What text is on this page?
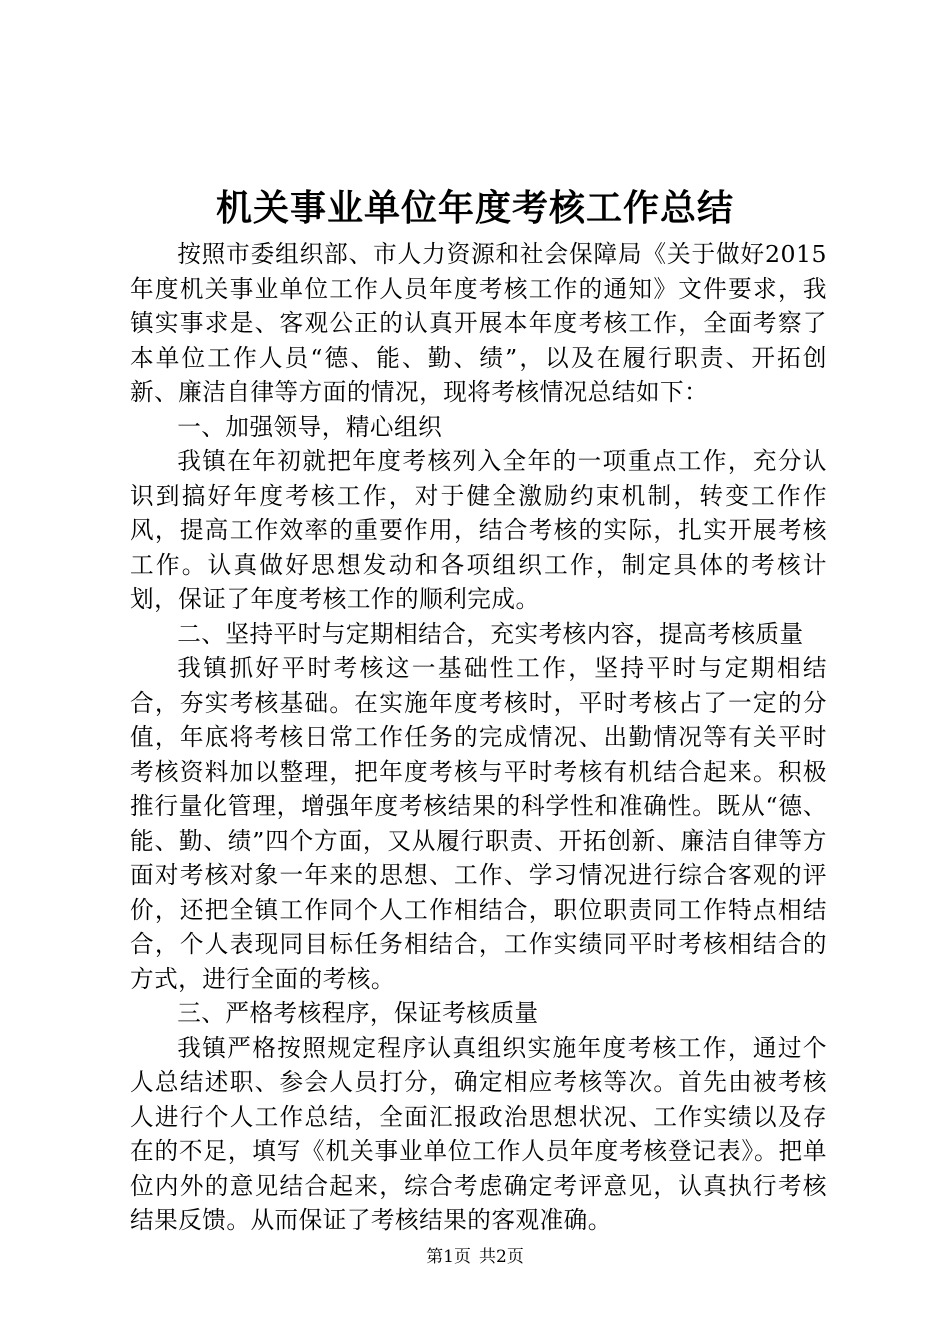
机关事业单位年度考核工作总结

按照市委组织部、市人力资源和社会保障局《关于做好2015年度机关事业单位工作人员年度考核工作的通知》文件要求，我镇实事求是、客观公正的认真开展本年度考核工作，全面考察了本单位工作人员“德、能、勤、绩”，以及在履行职责、开拓创新、廉洁自律等方面的情况，现将考核情况总结如下：

一、加强领导，精心组织

我镇在年初就把年度考核列入全年的一项重点工作，充分认识到搞好年度考核工作，对于健全激励约束机制，转变工作作风，提高工作效率的重要作用，结合考核的实际，扎实开展考核工作。认真做好思想发动和各项组织工作，制定具体的考核计划，保证了年度考核工作的顺利完成。

二、坚持平时与定期相结合，充实考核内容，提高考核质量

我镇抓好平时考核这一基础性工作，坚持平时与定期相结合，夯实考核基础。在实施年度考核时，平时考核占了一定的分值，年底将考核日常工作任务的完成情况、出勤情况等有关平时考核资料加以整理，把年度考核与平时考核有机结合起来。积极推行量化管理，增强年度考核结果的科学性和准确性。既从“德、能、勤、绩”四个方面，又从履行职责、开拓创新、廉洁自律等方面对考核对象一年来的思想、工作、学习情况进行综合客观的评价，还把全镇工作同个人工作相结合，职位职责同工作特点相结合，个人表现同目标任务相结合，工作实绩同平时考核相结合的方式，进行全面的考核。

三、严格考核程序，保证考核质量

我镇严格按照规定程序认真组织实施年度考核工作，通过个人总结述职、参会人员打分，确定相应考核等次。首先由被考核人进行个人工作总结，全面汇报政治思想状况、工作实绩以及存在的不足，填写《机关事业单位工作人员年度考核登记表》。把单位内外的意见结合起来，综合考虑确定考评意见，认真执行考核结果反馈。从而保证了考核结果的客观准确。

第1页 共2页
